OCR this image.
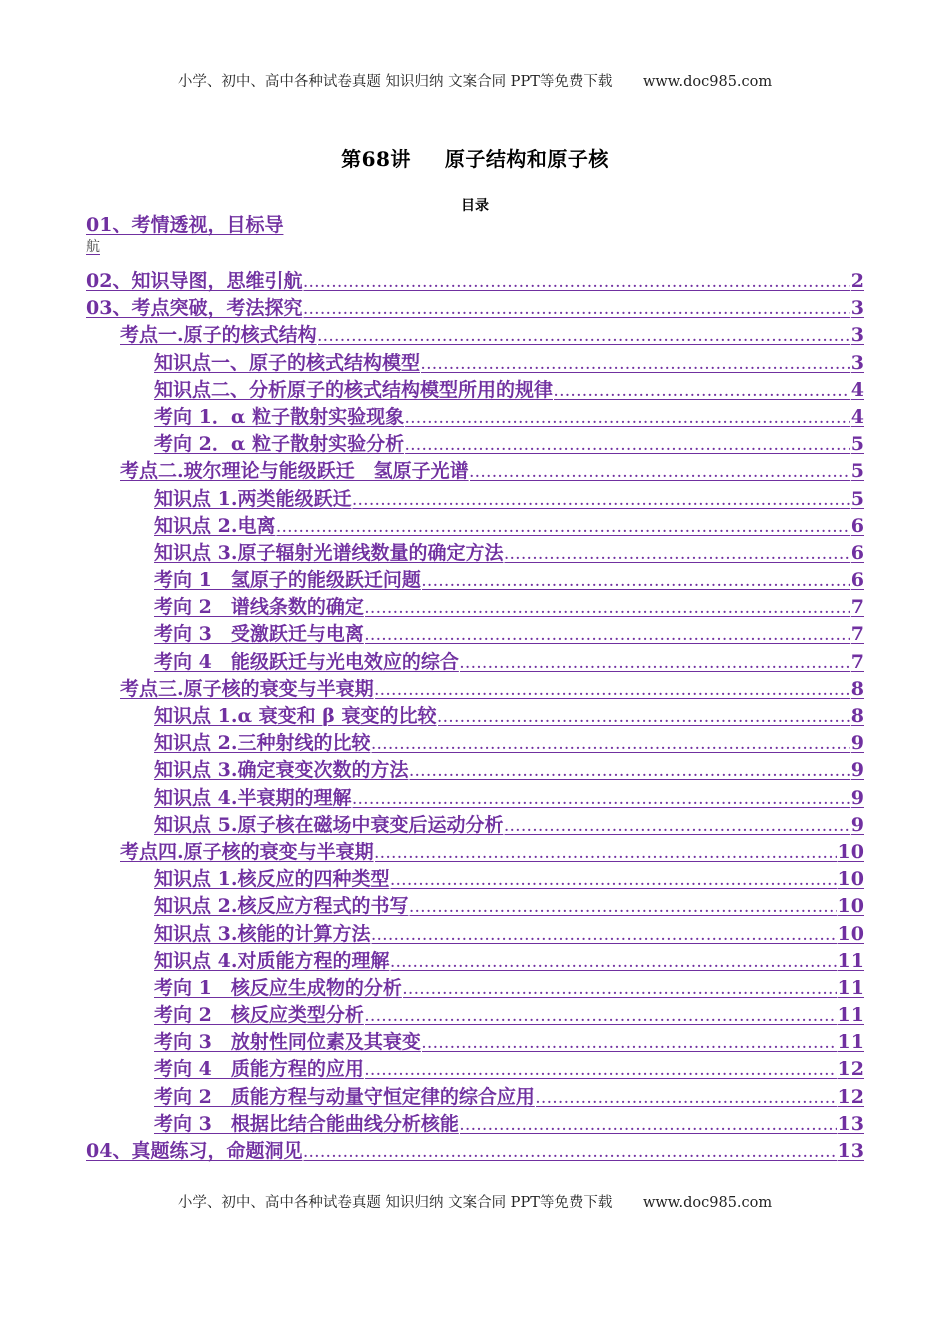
小学、初中、高中各种试卷真题 知识归纳 文案合同 PPT等免费下载 www.doc985.com
第68讲 原子结构和原子核
目录
01、考情透视，目标导
航
02、知识导图，思维引航 .....	2
03、考点突破，考法探究 .....	3
考点一.原子的核式结构 .....	3
知识点一、原子的核式结构模型 .....	3
知识点二、分析原子的核式结构模型所用的规律 .....	4
考向 1．α 粒子散射实验现象 .....	4
考向 2．α 粒子散射实验分析 .....	5
考点二.玻尔理论与能级跃迁　氢原子光谱 .....	5
知识点 1.两类能级跃迁 .....	5
知识点 2.电离 .....	6
知识点 3.原子辐射光谱线数量的确定方法 .....	6
考向 1　氢原子的能级跃迁问题 .....	6
考向 2　谱线条数的确定 .....	7
考向 3　受激跃迁与电离 .....	7
考向 4　能级跃迁与光电效应的综合 .....	7
考点三.原子核的衰变与半衰期 .....	8
知识点 1.α 衰变和 β 衰变的比较 .....	8
知识点 2.三种射线的比较 .....	9
知识点 3.确定衰变次数的方法 .....	9
知识点 4.半衰期的理解 .....	9
知识点 5.原子核在磁场中衰变后运动分析 .....	9
考点四.原子核的衰变与半衰期 .....	10
知识点 1.核反应的四种类型 .....	10
知识点 2.核反应方程式的书写 .....	10
知识点 3.核能的计算方法 .....	10
知识点 4.对质能方程的理解 .....	11
考向 1　核反应生成物的分析 .....	11
考向 2　核反应类型分析 .....	11
考向 3　放射性同位素及其衰变 .....	11
考向 4　质能方程的应用 .....	12
考向 2　质能方程与动量守恒定律的综合应用 .....	12
考向 3　根据比结合能曲线分析核能 .....	13
04、真题练习，命题洞见 .....	13
小学、初中、高中各种试卷真题 知识归纳 文案合同 PPT等免费下载 www.doc985.com
